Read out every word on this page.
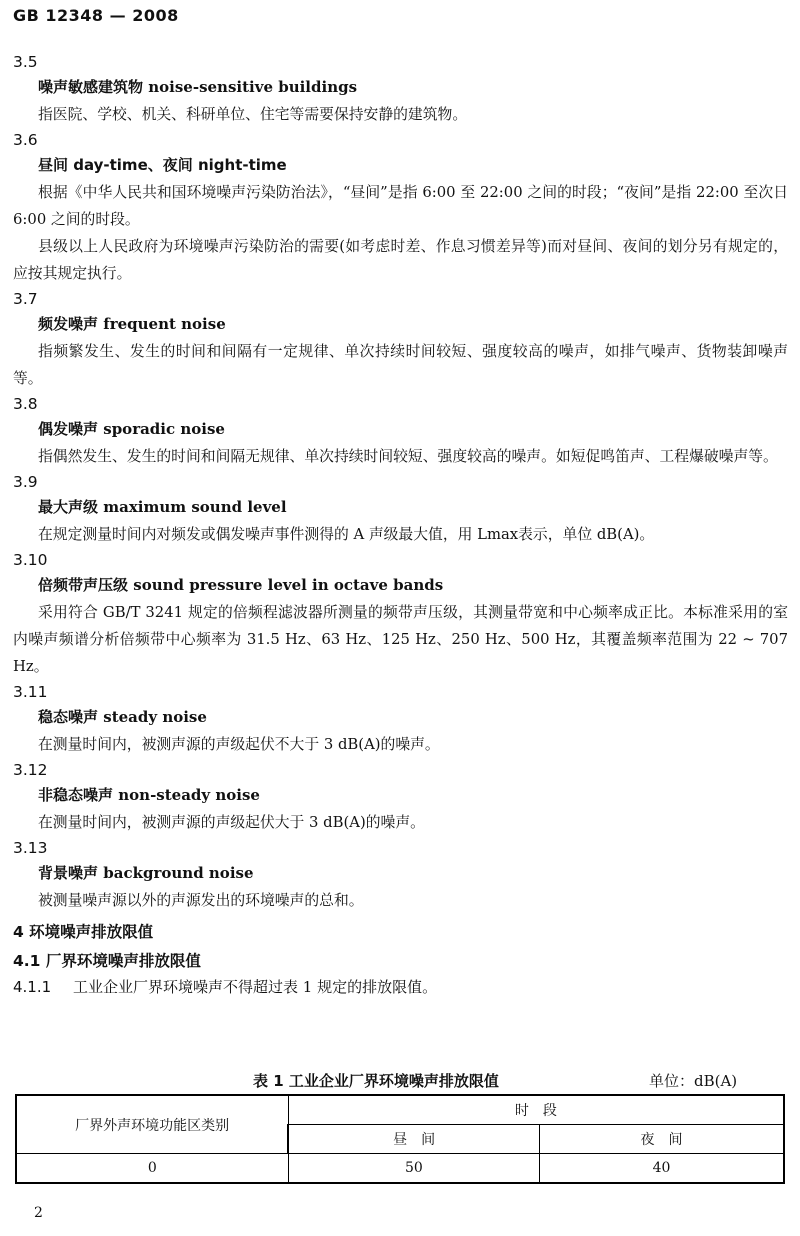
GB 12348 — 2008
3.5
噪声敏感建筑物 noise-sensitive buildings

指医院、学校、机关、科研单位、住宅等需要保持安静的建筑物。

3.6
昼间 day-time、夜间 night-time

根据《中华人民共和国环境噪声污染防治法》，“昼间”是指 6:00 至 22:00 之间的时段；“夜间”是指 22:00 至次日 6:00 之间的时段。

县级以上人民政府为环境噪声污染防治的需要(如考虑时差、作息习惯差异等)而对昼间、夜间的划分另有规定的，应按其规定执行。

3.7
频发噪声 frequent noise

指频繁发生、发生的时间和间隔有一定规律、单次持续时间较短、强度较高的噪声，如排气噪声、货物装卸噪声等。

3.8
偶发噪声 sporadic noise

指偶然发生、发生的时间和间隔无规律、单次持续时间较短、强度较高的噪声。如短促鸣笛声、工程爆破噪声等。

3.9
最大声级 maximum sound level

在规定测量时间内对频发或偶发噪声事件测得的 A 声级最大值，用 Lmax表示，单位 dB(A)。

3.10
倍频带声压级 sound pressure level in octave bands

采用符合 GB/T 3241 规定的倍频程滤波器所测量的频带声压级，其测量带宽和中心频率成正比。本标准采用的室内噪声频谱分析倍频带中心频率为 31.5 Hz、63 Hz、125 Hz、250 Hz、500 Hz，其覆盖频率范围为 22 ~ 707 Hz。

3.11
稳态噪声 steady noise

在测量时间内，被测声源的声级起伏不大于 3 dB(A)的噪声。

3.12
非稳态噪声 non-steady noise

在测量时间内，被测声源的声级起伏大于 3 dB(A)的噪声。

3.13
背景噪声 background noise

被测量噪声源以外的声源发出的环境噪声的总和。

4 环境噪声排放限值
4.1 厂界环境噪声排放限值
4.1.1 工业企业厂界环境噪声不得超过表 1 规定的排放限值。
表 1 工业企业厂界环境噪声排放限值	单位：dB(A)
厂界外声环境功能区类别	时　段	
	昼　间	夜　间
0	50	40
2
